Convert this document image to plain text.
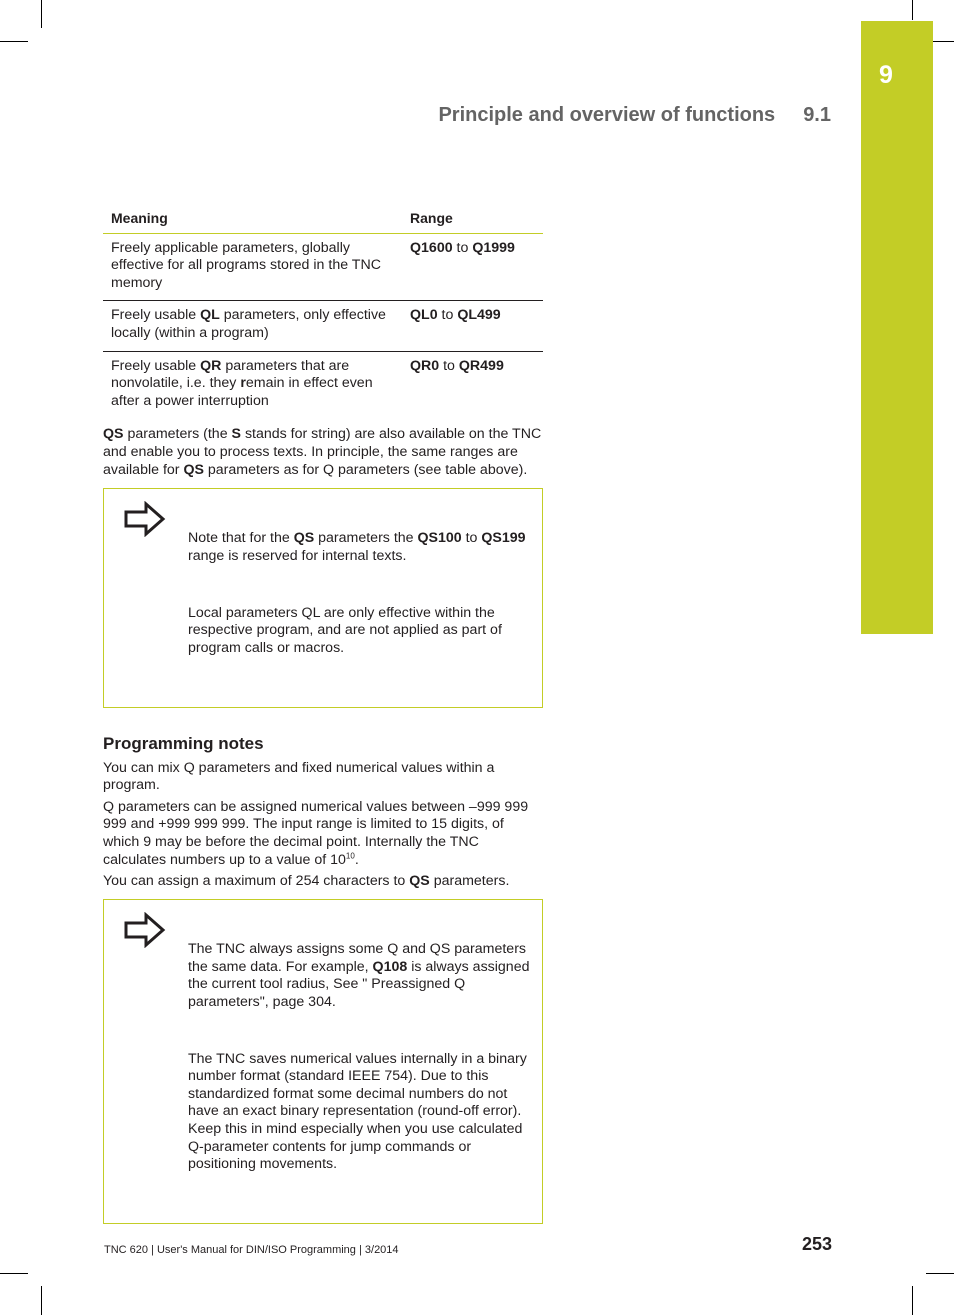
9
Principle and overview of functions 9.1
Meaning	Range
Freely applicable parameters, globally effective for all programs stored in the TNC memory	Q1600 to Q1999
Freely usable QL parameters, only effective locally (within a program)	QL0 to QL499
Freely usable QR parameters that are nonvolatile, i.e. they remain in effect even after a power interruption	QR0 to QR499

QS parameters (the S stands for string) are also available on the TNC and enable you to process texts. In principle, the same ranges are available for QS parameters as for Q parameters (see table above).

Note that for the QS parameters the QS100 to QS199 range is reserved for internal texts.

Local parameters QL are only effective within the respective program, and are not applied as part of program calls or macros.

Programming notes

You can mix Q parameters and fixed numerical values within a program.

Q parameters can be assigned numerical values between –999 999 999 and +999 999 999. The input range is limited to 15 digits, of which 9 may be before the decimal point. Internally the TNC calculates numbers up to a value of $10^{10}$.

You can assign a maximum of 254 characters to QS parameters.

The TNC always assigns some Q and QS parameters the same data. For example, Q108 is always assigned the current tool radius, See " Preassigned Q parameters", page 304.

The TNC saves numerical values internally in a binary number format (standard IEEE 754). Due to this standardized format some decimal numbers do not have an exact binary representation (round-off error). Keep this in mind especially when you use calculated Q-parameter contents for jump commands or positioning movements.

TNC 620 | User's Manual for DIN/ISO Programming | 3/2014	253
